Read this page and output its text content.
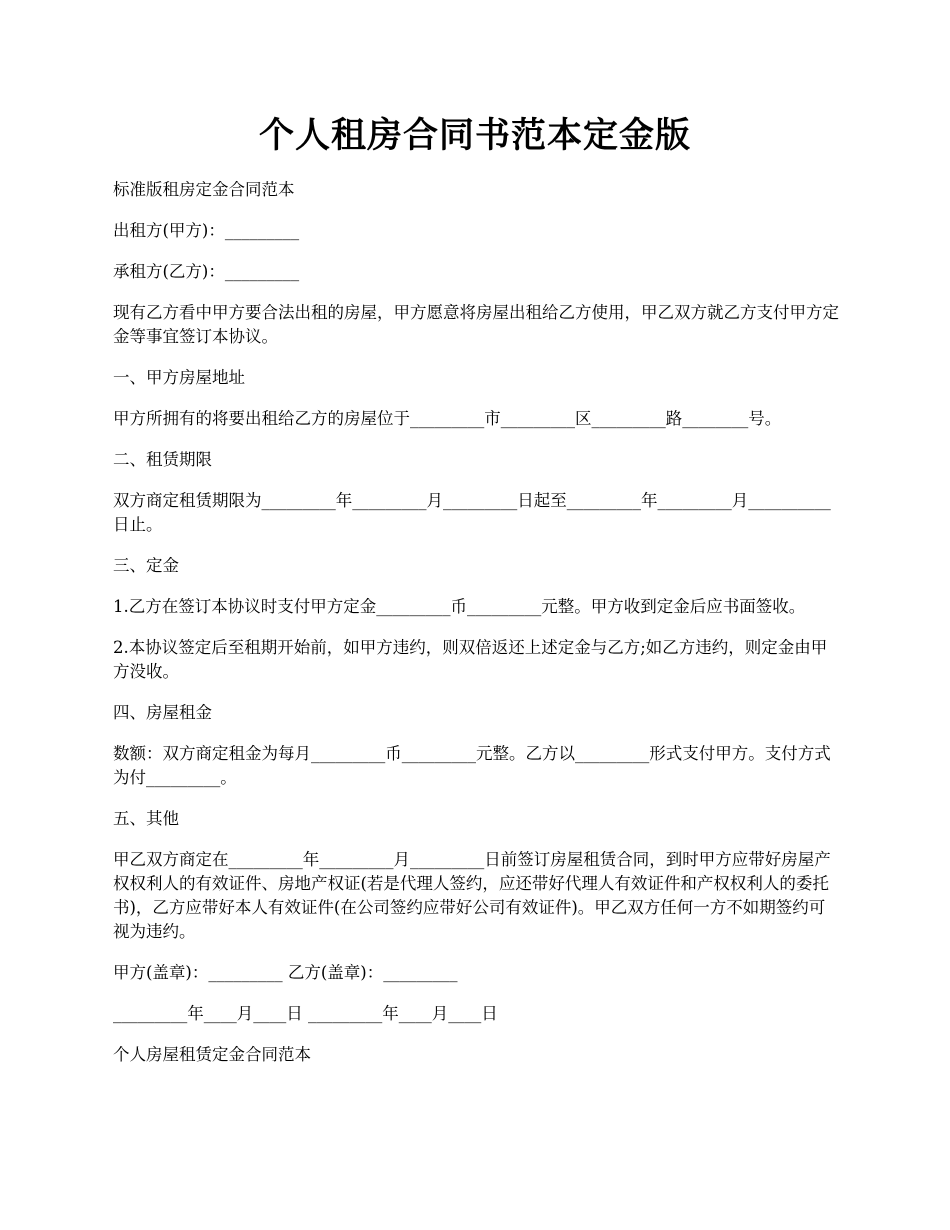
个人租房合同书范本定金版

标准版租房定金合同范本

出租方(甲方)：_________

承租方(乙方)：_________

现有乙方看中甲方要合法出租的房屋，甲方愿意将房屋出租给乙方使用，甲乙双方就乙方支付甲方定金等事宜签订本协议。

一、甲方房屋地址

甲方所拥有的将要出租给乙方的房屋位于_________市_________区_________路________号。

二、租赁期限

双方商定租赁期限为_________年_________月_________日起至_________年_________月__________日止。

三、定金

1.乙方在签订本协议时支付甲方定金_________币_________元整。甲方收到定金后应书面签收。

2.本协议签定后至租期开始前，如甲方违约，则双倍返还上述定金与乙方;如乙方违约，则定金由甲方没收。

四、房屋租金

数额：双方商定租金为每月_________币_________元整。乙方以_________形式支付甲方。支付方式为付_________。

五、其他

甲乙双方商定在_________年_________月_________日前签订房屋租赁合同，到时甲方应带好房屋产权权利人的有效证件、房地产权证(若是代理人签约，应还带好代理人有效证件和产权权利人的委托书)，乙方应带好本人有效证件(在公司签约应带好公司有效证件)。甲乙双方任何一方不如期签约可视为违约。

甲方(盖章)：_________ 乙方(盖章)：_________

_________年____月____日 _________年____月____日

个人房屋租赁定金合同范本
